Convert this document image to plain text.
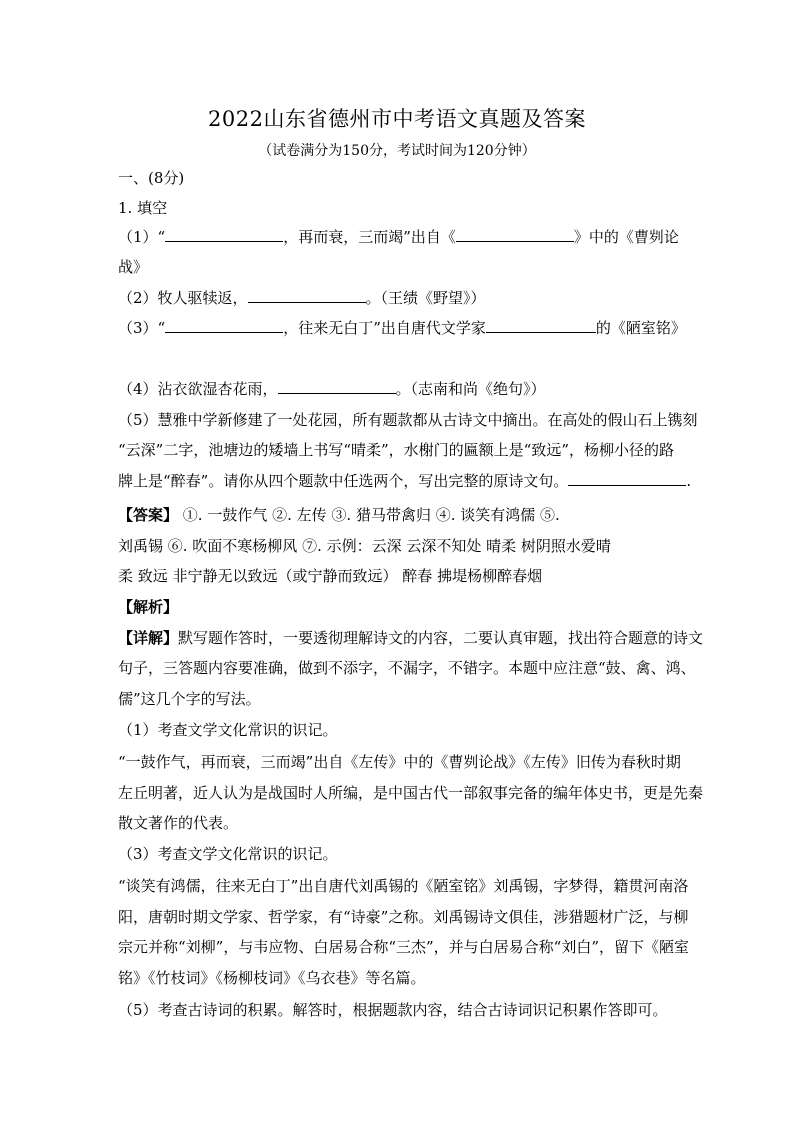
2022山东省德州市中考语文真题及答案
（试卷满分为150分，考试时间为120分钟）
一、(8分)
1. 填空
（1）“	，再而衰，三而竭”出自《	》中的《曹刿论
战》
（2）牧人驱犊返，	。（王绩《野望》）
（3）“	，往来无白丁”出自唐代文学家	的《陋室铭》
（4）沾衣欲湿杏花雨，	。（志南和尚《绝句》）
（5）慧雅中学新修建了一处花园，所有题款都从古诗文中摘出。在高处的假山石上镌刻
“云深”二字，池塘边的矮墙上书写“晴柔”，水榭门的匾额上是“致远”，杨柳小径的路
牌上是“醉春”。请你从四个题款中任选两个，写出完整的原诗文句。	.
【答案】 ①. 一鼓作气 ②. 左传 ③. 猎马带禽归 ④. 谈笑有鸿儒 ⑤.
刘禹锡 ⑥. 吹面不寒杨柳风 ⑦. 示例：云深 云深不知处 晴柔 树阴照水爱晴
柔 致远 非宁静无以致远（或宁静而致远） 醉春 拂堤杨柳醉春烟
【解析】
【详解】默写题作答时，一要透彻理解诗文的内容，二要认真审题，找出符合题意的诗文
句子，三答题内容要准确，做到不添字，不漏字，不错字。本题中应注意“鼓、禽、鸿、
儒”这几个字的写法。
（1）考查文学文化常识的识记。
“一鼓作气，再而衰，三而竭”出自《左传》中的《曹刿论战》《左传》旧传为春秋时期
左丘明著，近人认为是战国时人所编，是中国古代一部叙事完备的编年体史书，更是先秦
散文著作的代表。
（3）考查文学文化常识的识记。
“谈笑有鸿儒，往来无白丁”出自唐代刘禹锡的《陋室铭》刘禹锡，字梦得，籍贯河南洛
阳，唐朝时期文学家、哲学家，有“诗豪”之称。刘禹锡诗文俱佳，涉猎题材广泛，与柳
宗元并称“刘柳”，与韦应物、白居易合称“三杰”，并与白居易合称“刘白”，留下《陋室
铭》《竹枝词》《杨柳枝词》《乌衣巷》等名篇。
（5）考查古诗词的积累。解答时，根据题款内容，结合古诗词识记积累作答即可。
